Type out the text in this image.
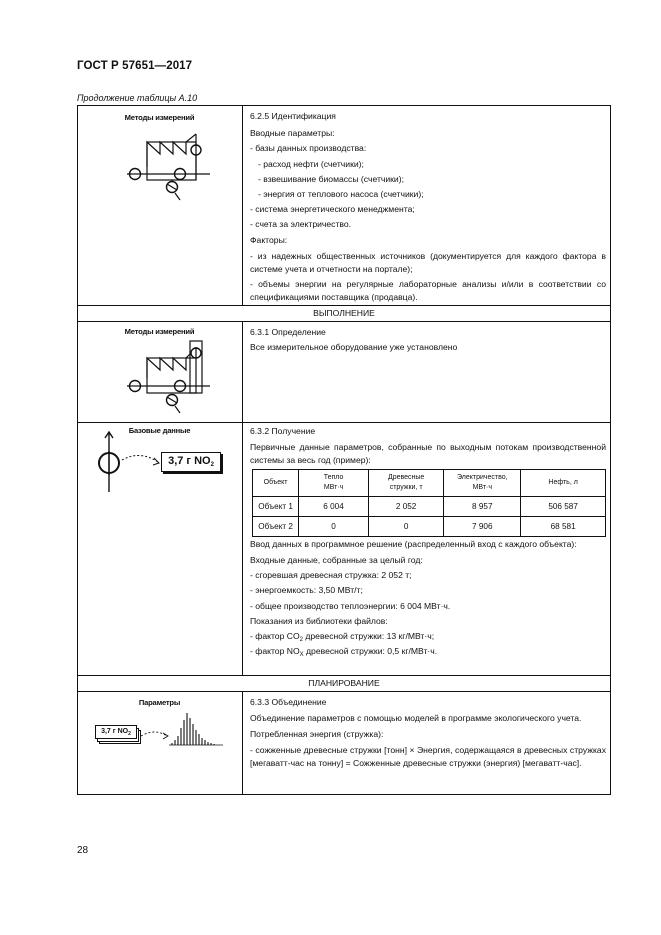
ГОСТ Р 57651—2017
Продолжение таблицы А.10
Методы измерений	6.2.5 Идентификация

Вводные параметры:

- базы данных производства:

- расход нефти (счетчики);

- взвешивание биомассы (счетчики);

- энергия от теплового насоса (счетчики);

- система энергетического менеджмента;

- счета за электричество.

Факторы:

- из надежных общественных источников (документируется для каждого фактора в системе учета и отчетности на портале);

- объемы энергии на регулярные лабораторные анализы и/или в соответствии со спецификациями поставщика (продавца).

ВЫПОЛНЕНИЕ
Методы измерений	6.3.1 Определение

Все измерительное оборудование уже установлено

Базовые данные
3,7 г $NO_2$

6.3.2 Получение

Первичные данные параметров, собранные по выходным потокам производственной системы за весь год (пример):

Объект	Тепло МВт·ч	Древесные стружки, т	Электричество, МВт·ч	Нефть, л
Объект 1	6 004	2 052	8 957	506 587
Объект 2	0	0	7 906	68 581

Ввод данных в программное решение (распределенный вход с каждого объекта):

Входные данные, собранные за целый год:

- сгоревшая древесная стружка: 2 052 т;

- энергоемкость: 3,50 МВт/т;

- общее производство теплоэнергии: 6 004 МВт·ч.

Показания из библиотеки файлов:

- фактор $CO_2$ древесной стружки: 13 кг/МВт·ч;

- фактор $NO_X$ древесной стружки: 0,5 кг/МВт·ч.

ПЛАНИРОВАНИЕ
Параметры
3,7 г $NO_2$

6.3.3 Объединение

Объединение параметров с помощью моделей в программе экологического учета.

Потребленная энергия (стружка):

- сожженные древесные стружки [тонн] × Энергия, содержащаяся в древесных стружках [мегаватт-час на тонну] = Сожженные древесные стружки (энергия) [мегаватт-час].

28
